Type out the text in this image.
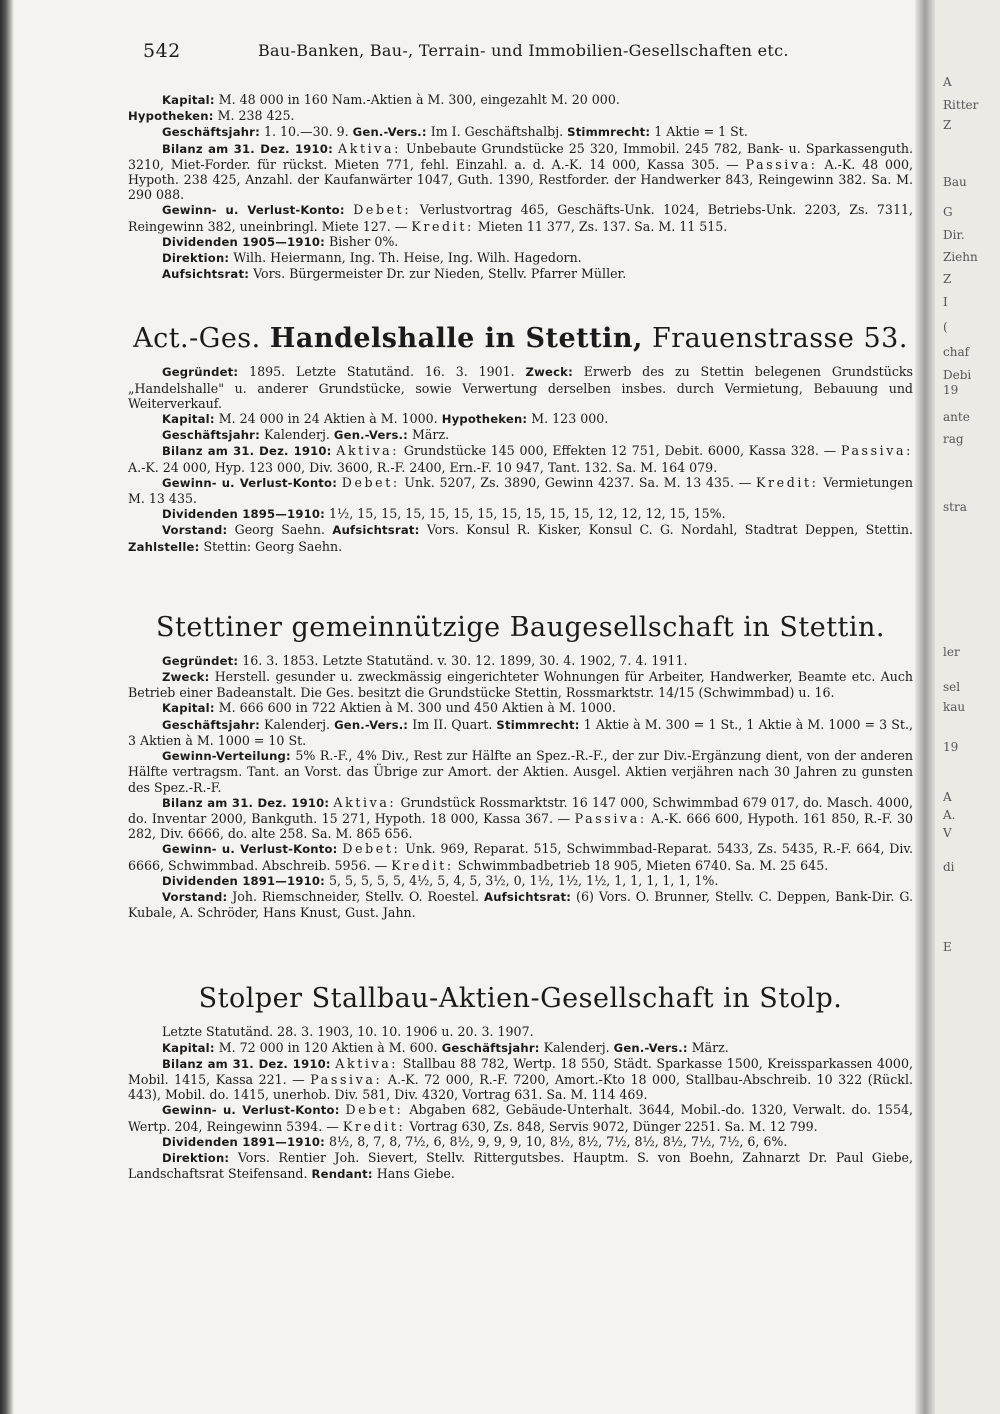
A
Ritter
Z
Bau
G
Dir.
Ziehn
Z
I
(
chaf
Debi
19
ante
rag
stra
ler
sel
kau
19
A
A.
V
di
E
542	Bau-Banken, Bau-, Terrain- und Immobilien-Gesellschaften etc.

Kapital: M. 48 000 in 160 Nam.-Aktien à M. 300, eingezahlt M. 20 000.
Hypotheken: M. 238 425.

Geschäftsjahr: 1. 10.—30. 9. Gen.-Vers.: Im I. Geschäftshalbj. Stimmrecht: 1 Aktie = 1 St.

Bilanz am 31. Dez. 1910: Aktiva: Unbebaute Grundstücke 25 320, Immobil. 245 782, Bank- u. Sparkassenguth. 3210, Miet-Forder. für rückst. Mieten 771, fehl. Einzahl. a. d. A.-K. 14 000, Kassa 305. — Passiva: A.-K. 48 000, Hypoth. 238 425, Anzahl. der Kaufanwärter 1047, Guth. 1390, Restforder. der Handwerker 843, Reingewinn 382. Sa. M. 290 088.

Gewinn- u. Verlust-Konto: Debet: Verlustvortrag 465, Geschäfts-Unk. 1024, Betriebs-Unk. 2203, Zs. 7311, Reingewinn 382, uneinbringl. Miete 127. — Kredit: Mieten 11 377, Zs. 137. Sa. M. 11 515.

Dividenden 1905—1910: Bisher 0%.

Direktion: Wilh. Heiermann, Ing. Th. Heise, Ing. Wilh. Hagedorn.

Aufsichtsrat: Vors. Bürgermeister Dr. zur Nieden, Stellv. Pfarrer Müller.

Act.-Ges. Handelshalle in Stettin, Frauenstrasse 53.

Gegründet: 1895. Letzte Statutänd. 16. 3. 1901. Zweck: Erwerb des zu Stettin belegenen Grundstücks „Handelshalle" u. anderer Grundstücke, sowie Verwertung derselben insbes. durch Vermietung, Bebauung und Weiterverkauf.

Kapital: M. 24 000 in 24 Aktien à M. 1000. Hypotheken: M. 123 000.

Geschäftsjahr: Kalenderj. Gen.-Vers.: März.

Bilanz am 31. Dez. 1910: Aktiva: Grundstücke 145 000, Effekten 12 751, Debit. 6000, Kassa 328. — Passiva: A.-K. 24 000, Hyp. 123 000, Div. 3600, R.-F. 2400, Ern.-F. 10 947, Tant. 132. Sa. M. 164 079.

Gewinn- u. Verlust-Konto: Debet: Unk. 5207, Zs. 3890, Gewinn 4237. Sa. M. 13 435. — Kredit: Vermietungen M. 13 435.

Dividenden 1895—1910: 1½, 15, 15, 15, 15, 15, 15, 15, 15, 15, 15, 12, 12, 12, 15, 15%.

Vorstand: Georg Saehn. Aufsichtsrat: Vors. Konsul R. Kisker, Konsul C. G. Nordahl, Stadtrat Deppen, Stettin. Zahlstelle: Stettin: Georg Saehn.

Stettiner gemeinnützige Baugesellschaft in Stettin.

Gegründet: 16. 3. 1853. Letzte Statutänd. v. 30. 12. 1899, 30. 4. 1902, 7. 4. 1911.

Zweck: Herstell. gesunder u. zweckmässig eingerichteter Wohnungen für Arbeiter, Handwerker, Beamte etc. Auch Betrieb einer Badeanstalt. Die Ges. besitzt die Grundstücke Stettin, Rossmarktstr. 14/15 (Schwimmbad) u. 16.

Kapital: M. 666 600 in 722 Aktien à M. 300 und 450 Aktien à M. 1000.

Geschäftsjahr: Kalenderj. Gen.-Vers.: Im II. Quart. Stimmrecht: 1 Aktie à M. 300 = 1 St., 1 Aktie à M. 1000 = 3 St., 3 Aktien à M. 1000 = 10 St.

Gewinn-Verteilung: 5% R.-F., 4% Div., Rest zur Hälfte an Spez.-R.-F., der zur Div.-Ergänzung dient, von der anderen Hälfte vertragsm. Tant. an Vorst. das Übrige zur Amort. der Aktien. Ausgel. Aktien verjähren nach 30 Jahren zu gunsten des Spez.-R.-F.

Bilanz am 31. Dez. 1910: Aktiva: Grundstück Rossmarktstr. 16 147 000, Schwimmbad 679 017, do. Masch. 4000, do. Inventar 2000, Bankguth. 15 271, Hypoth. 18 000, Kassa 367. — Passiva: A.-K. 666 600, Hypoth. 161 850, R.-F. 30 282, Div. 6666, do. alte 258. Sa. M. 865 656.

Gewinn- u. Verlust-Konto: Debet: Unk. 969, Reparat. 515, Schwimmbad-Reparat. 5433, Zs. 5435, R.-F. 664, Div. 6666, Schwimmbad. Abschreib. 5956. — Kredit: Schwimmbadbetrieb 18 905, Mieten 6740. Sa. M. 25 645.

Dividenden 1891—1910: 5, 5, 5, 5, 5, 4½, 5, 4, 5, 3½, 0, 1½, 1½, 1½, 1, 1, 1, 1, 1, 1%.

Vorstand: Joh. Riemschneider, Stellv. O. Roestel. Aufsichtsrat: (6) Vors. O. Brunner, Stellv. C. Deppen, Bank-Dir. G. Kubale, A. Schröder, Hans Knust, Gust. Jahn.

Stolper Stallbau-Aktien-Gesellschaft in Stolp.

Letzte Statutänd. 28. 3. 1903, 10. 10. 1906 u. 20. 3. 1907.

Kapital: M. 72 000 in 120 Aktien à M. 600. Geschäftsjahr: Kalenderj. Gen.-Vers.: März.

Bilanz am 31. Dez. 1910: Aktiva: Stallbau 88 782, Wertp. 18 550, Städt. Sparkasse 1500, Kreissparkassen 4000, Mobil. 1415, Kassa 221. — Passiva: A.-K. 72 000, R.-F. 7200, Amort.-Kto 18 000, Stallbau-Abschreib. 10 322 (Rückl. 443), Mobil. do. 1415, unerhob. Div. 581, Div. 4320, Vortrag 631. Sa. M. 114 469.

Gewinn- u. Verlust-Konto: Debet: Abgaben 682, Gebäude-Unterhalt. 3644, Mobil.-do. 1320, Verwalt. do. 1554, Wertp. 204, Reingewinn 5394. — Kredit: Vortrag 630, Zs. 848, Servis 9072, Dünger 2251. Sa. M. 12 799.

Dividenden 1891—1910: 8½, 8, 7, 8, 7½, 6, 8½, 9, 9, 9, 10, 8½, 8½, 7½, 8½, 8½, 7½, 7½, 6, 6%.

Direktion: Vors. Rentier Joh. Sievert, Stellv. Rittergutsbes. Hauptm. S. von Boehn, Zahnarzt Dr. Paul Giebe, Landschaftsrat Steifensand. Rendant: Hans Giebe.
